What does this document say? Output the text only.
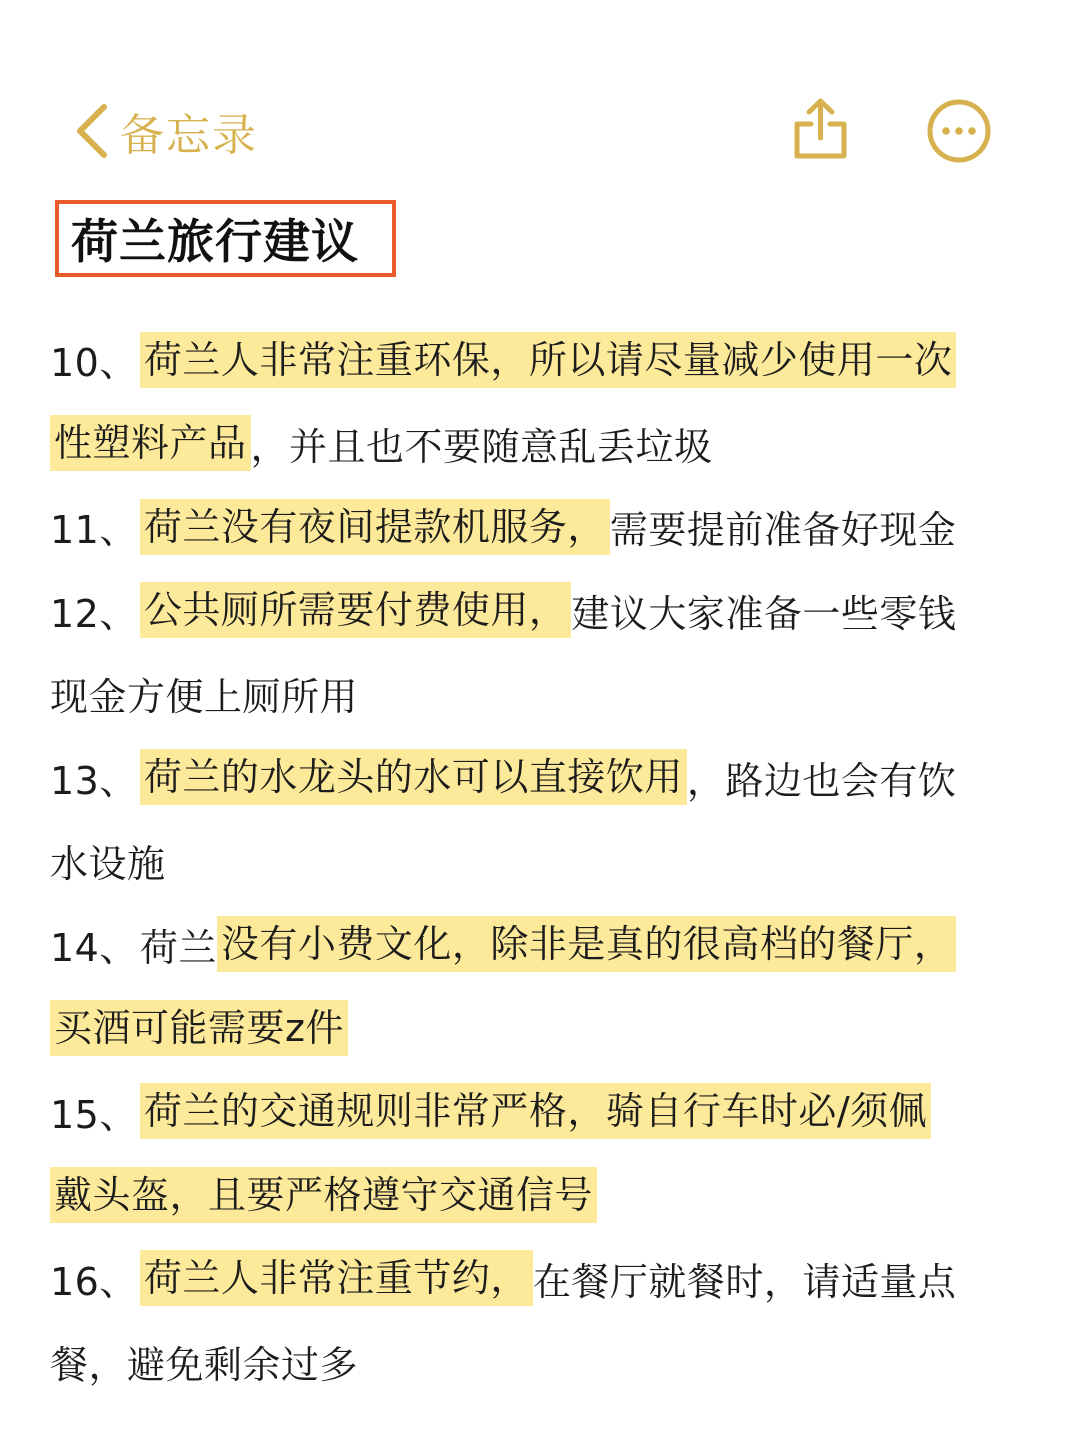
备忘录
荷兰旅行建议
10、 荷兰人非常注重环保，所以请尽量减少使用一次
性塑料产品 ，并且也不要随意乱丢垃圾
11、 荷兰没有夜间提款机服务， 需要提前准备好现金
12、 公共厕所需要付费使用， 建议大家准备一些零钱
现金方便上厕所用
13、 荷兰的水龙头的水可以直接饮用 ，路边也会有饮
水设施
14、 荷兰 没有小费文化，除非是真的很高档的餐厅，
买酒可能需要z件
15、 荷兰的交通规则非常严格，骑自行车时必/须佩
戴头盔，且要严格遵守交通信号
16、 荷兰人非常注重节约， 在餐厅就餐时，请适量点
餐，避免剩余过多
